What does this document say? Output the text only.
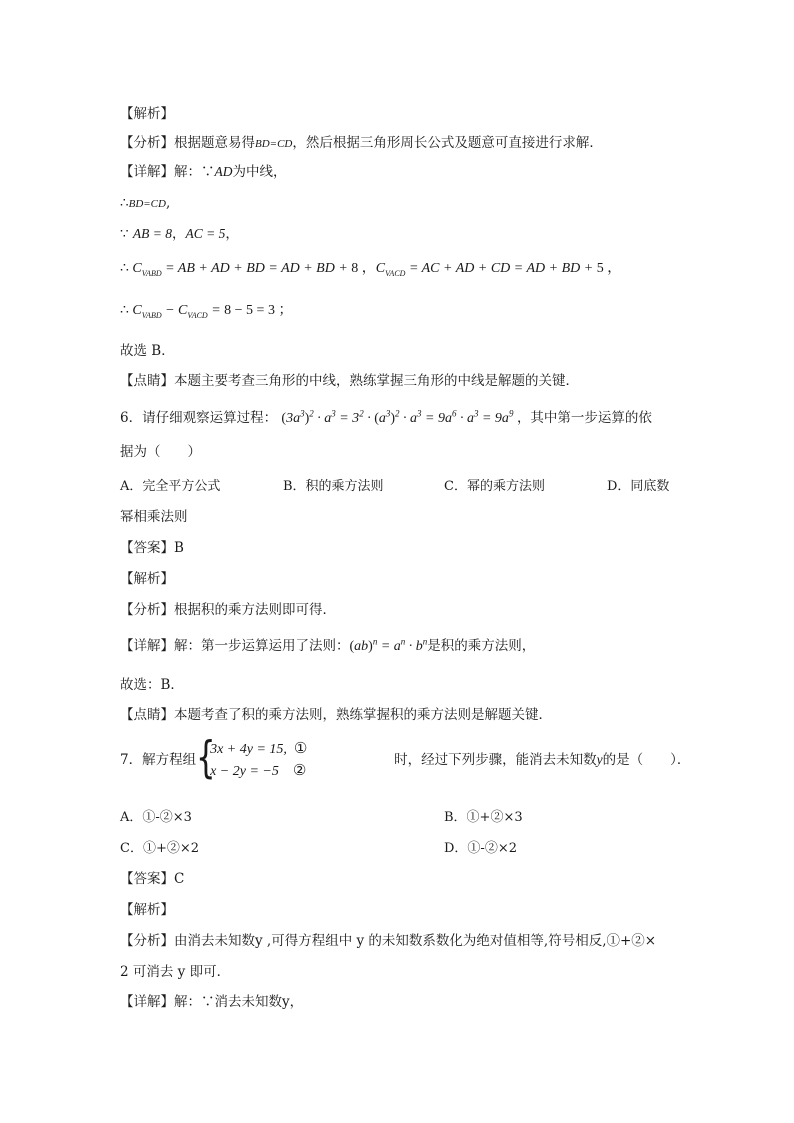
【解析】
【分析】根据题意易得BD=CD，然后根据三角形周长公式及题意可直接进行求解．
【详解】解：∵AD为中线，
∴BD=CD,
∵ AB = 8，AC = 5，
∴ $C_{VABD}$ = AB + AD + BD = AD + BD + 8 ，$C_{VACD}$ = AC + AD + CD = AD + BD + 5 ，
∴ $C_{VABD} - C_{VACD} = 8 - 5 = 3$ ；
故选 B．
【点睛】本题主要考查三角形的中线，熟练掌握三角形的中线是解题的关键．
6．请仔细观察运算过程： $(3a^3)^2 \cdot a^3 = 3^2 \cdot (a^3)^2 \cdot a^3 = 9a^6 \cdot a^3 = 9a^9$ ，其中第一步运算的依
据为（　　）
A．完全平方公式	B．积的乘方法则	C．幂的乘方法则	D．同底数
幂相乘法则
【答案】B
【解析】
【分析】根据积的乘方法则即可得．
【详解】解：第一步运算运用了法则：$(ab)^n = a^n \cdot b^n$是积的乘方法则，
故选：B．
【点睛】本题考查了积的乘方法则，熟练掌握积的乘方法则是解题关键．
7．解方程组 {
3x + 4y = 15, ①
x − 2y = −5 ②
时，经过下列步骤，能消去未知数y的是（　　）．
A．①-②×3	B．①+②×3
C．①+②×2	D．①-②×2
【答案】C
【解析】
【分析】由消去未知数y ,可得方程组中 y 的未知数系数化为绝对值相等,符号相反,①+②×
2 可消去 y 即可．
【详解】解：∵消去未知数y，
